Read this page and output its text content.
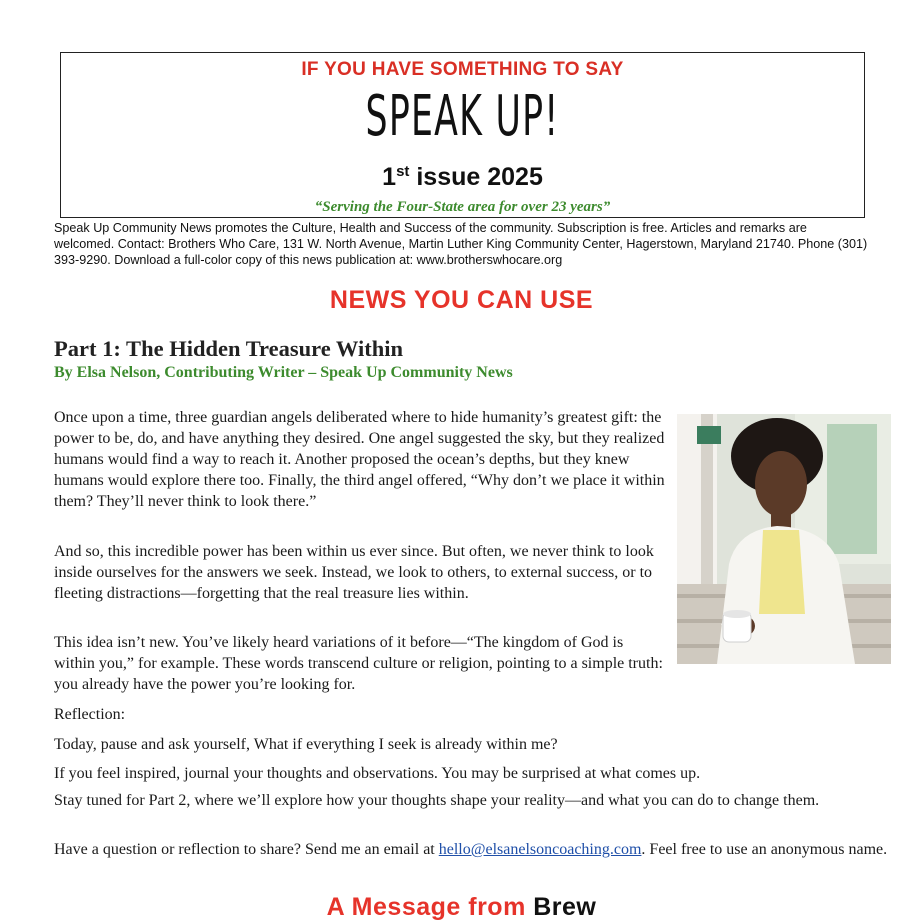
IF YOU HAVE SOMETHING TO SAY
SPEAK UP!
1st issue 2025
“Serving the Four-State area for over 23 years”
Speak Up Community News promotes the Culture, Health and Success of the community. Subscription is free. Articles and remarks are welcomed. Contact: Brothers Who Care, 131 W. North Avenue, Martin Luther King Community Center, Hagerstown, Maryland 21740. Phone (301) 393-9290. Download a full-color copy of this news publication at: www.brotherswhocare.org
NEWS YOU CAN USE
Part 1: The Hidden Treasure Within
By Elsa Nelson, Contributing Writer – Speak Up Community News
Once upon a time, three guardian angels deliberated where to hide humanity’s greatest gift: the power to be, do, and have anything they desired. One angel suggested the sky, but they realized humans would find a way to reach it. Another proposed the ocean’s depths, but they knew humans would explore there too. Finally, the third angel offered, “Why don’t we place it within them? They’ll never think to look there.”
And so, this incredible power has been within us ever since. But often, we never think to look inside ourselves for the answers we seek. Instead, we look to others, to external success, or to fleeting distractions—forgetting that the real treasure lies within.
This idea isn’t new. You’ve likely heard variations of it before—“The kingdom of God is within you,” for example. These words transcend culture or religion, pointing to a simple truth: you already have the power you’re looking for.
Reflection:
Today, pause and ask yourself, What if everything I seek is already within me?
If you feel inspired, journal your thoughts and observations. You may be surprised at what comes up.
Stay tuned for Part 2, where we’ll explore how your thoughts shape your reality—and what you can do to change them.
Have a question or reflection to share? Send me an email at hello@elsanelsoncoaching.com. Feel free to use an anonymous name.
A Message from Brew
